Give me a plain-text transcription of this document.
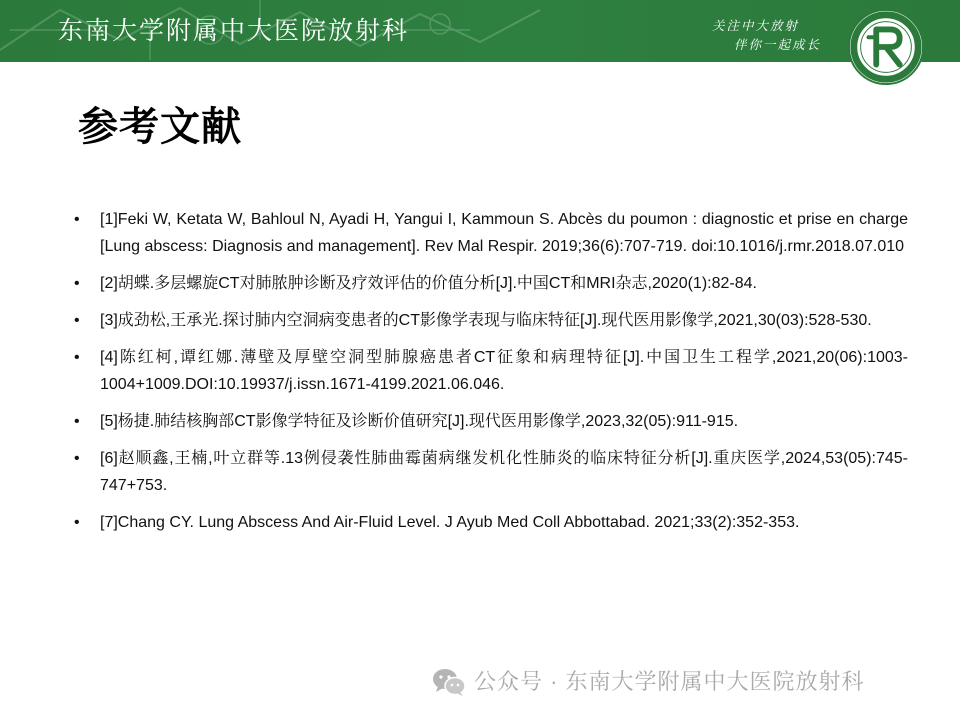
东南大学附属中大医院放射科	关注中大放射
伴你一起成长
参考文献
•	[1]Feki W, Ketata W, Bahloul N, Ayadi H, Yangui I, Kammoun S. Abcès du poumon : diagnostic et prise en charge [Lung abscess: Diagnosis and management]. Rev Mal Respir. 2019;36(6):707-719. doi:10.1016/j.rmr.2018.07.010
•	[2]胡蝶.多层螺旋CT对肺脓肿诊断及疗效评估的价值分析[J].中国CT和MRI杂志,2020(1):82-84.
•	[3]成劲松,王承光.探讨肺内空洞病变患者的CT影像学表现与临床特征[J].现代医用影像学,2021,30(03):528-530.
•	[4]陈红柯,谭红娜.薄壁及厚壁空洞型肺腺癌患者CT征象和病理特征[J].中国卫生工程学,2021,20(06):1003-1004+1009.DOI:10.19937/j.issn.1671-4199.2021.06.046.
•	[5]杨捷.肺结核胸部CT影像学特征及诊断价值研究[J].现代医用影像学,2023,32(05):911-915.
•	[6]赵顺鑫,王楠,叶立群等.13例侵袭性肺曲霉菌病继发机化性肺炎的临床特征分析[J].重庆医学,2024,53(05):745-747+753.
•	[7]Chang CY. Lung Abscess And Air-Fluid Level. J Ayub Med Coll Abbottabad. 2021;33(2):352-353.
公众号 · 东南大学附属中大医院放射科
